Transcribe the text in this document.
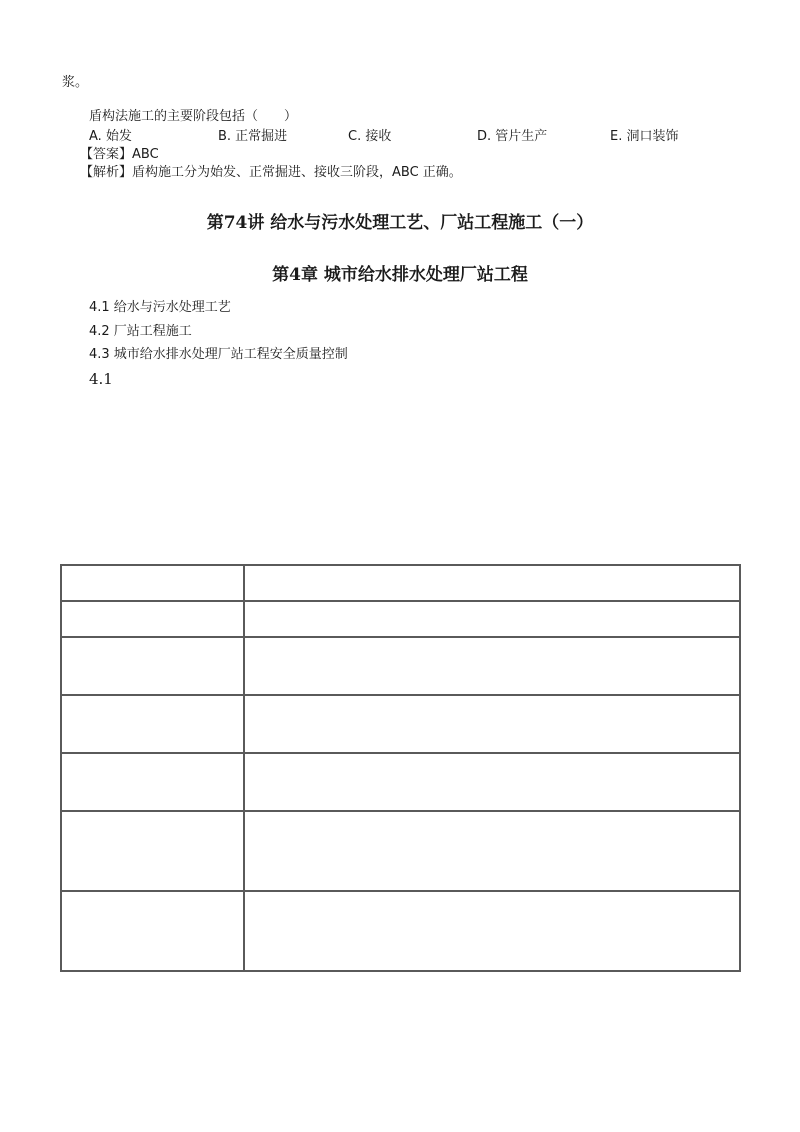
浆。
盾构法施工的主要阶段包括（　　）
A. 始发	B. 正常掘进	C. 接收	D. 管片生产	E. 洞口装饰
【答案】ABC
【解析】盾构施工分为始发、正常掘进、接收三阶段，ABC 正确。
第74讲 给水与污水处理工艺、厂站工程施工（一）
第4章 城市给水排水处理厂站工程
4.1 给水与污水处理工艺
4.2 厂站工程施工
4.3 城市给水排水处理厂站工程安全质量控制
4.1
